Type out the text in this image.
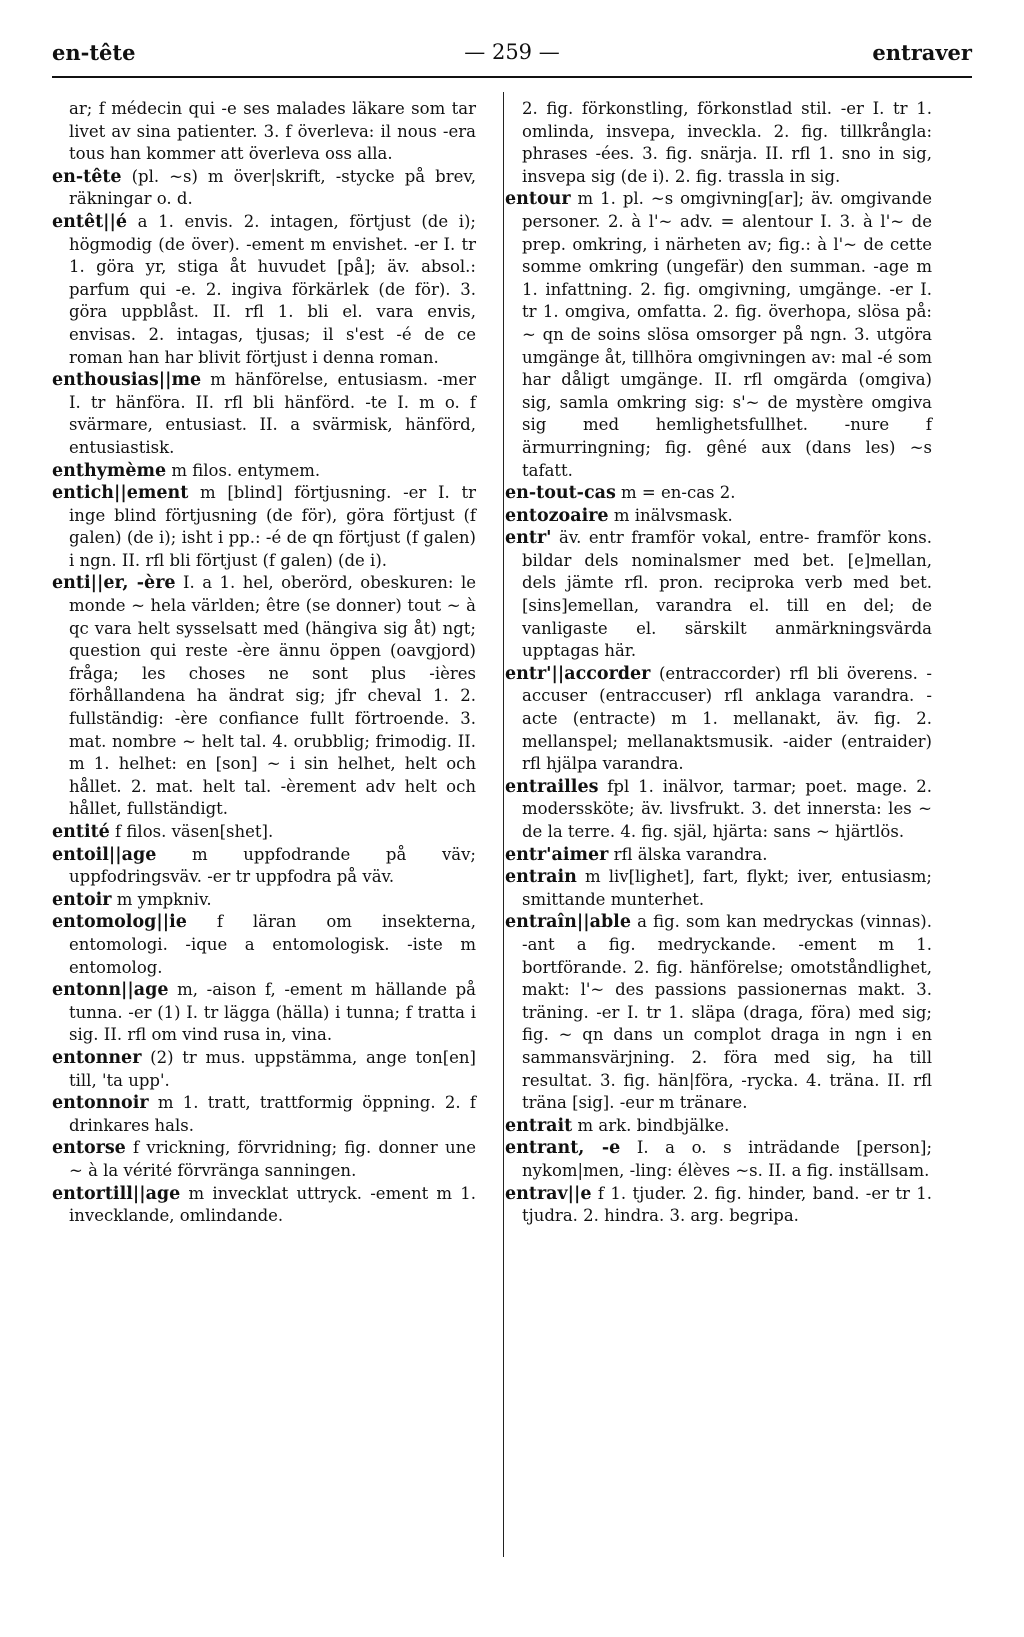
en-tête	— 259 —	entraver

ar; f médecin qui -e ses malades läkare som tar livet av sina patienter. 3. f överleva: il nous -era tous han kommer att överleva oss alla.

en-tête (pl. ~s) m över|skrift, -stycke på brev, räkningar o. d.

entêt||é a 1. envis. 2. intagen, förtjust (de i); högmodig (de över). -ement m envishet. -er I. tr 1. göra yr, stiga åt huvudet [på]; äv. absol.: parfum qui -e. 2. ingiva förkärlek (de för). 3. göra uppblåst. II. rfl 1. bli el. vara envis, envisas. 2. intagas, tjusas; il s'est -é de ce roman han har blivit förtjust i denna roman.

enthousias||me m hänförelse, entusiasm. -mer I. tr hänföra. II. rfl bli hänförd. -te I. m o. f svärmare, entusiast. II. a svärmisk, hänförd, entusiastisk.

enthymème m filos. entymem.

entich||ement m [blind] förtjusning. -er I. tr inge blind förtjusning (de för), göra förtjust (f galen) (de i); isht i pp.: -é de qn förtjust (f galen) i ngn. II. rfl bli förtjust (f galen) (de i).

enti||er, -ère I. a 1. hel, oberörd, obeskuren: le monde ~ hela världen; être (se donner) tout ~ à qc vara helt sysselsatt med (hängiva sig åt) ngt; question qui reste -ère ännu öppen (oavgjord) fråga; les choses ne sont plus -ières förhållandena ha ändrat sig; jfr cheval 1. 2. fullständig: -ère confiance fullt förtroende. 3. mat. nombre ~ helt tal. 4. orubblig; frimodig. II. m 1. helhet: en [son] ~ i sin helhet, helt och hållet. 2. mat. helt tal. -èrement adv helt och hållet, fullständigt.

entité f filos. väsen[shet].

entoil||age m uppfodrande på väv; uppfodringsväv. -er tr uppfodra på väv.

entoir m ympkniv.

entomolog||ie f läran om insekterna, entomologi. -ique a entomologisk. -iste m entomolog.

entonn||age m, -aison f, -ement m hällande på tunna. -er (1) I. tr lägga (hälla) i tunna; f tratta i sig. II. rfl om vind rusa in, vina.

entonner (2) tr mus. uppstämma, ange ton[en] till, 'ta upp'.

entonnoir m 1. tratt, trattformig öppning. 2. f drinkares hals.

entorse f vrickning, förvridning; fig. donner une ~ à la vérité förvränga sanningen.

entortill||age m invecklat uttryck. -ement m 1. invecklande, omlindande.

2. fig. förkonstling, förkonstlad stil. -er I. tr 1. omlinda, insvepa, inveckla. 2. fig. tillkrångla: phrases -ées. 3. fig. snärja. II. rfl 1. sno in sig, insvepa sig (de i). 2. fig. trassla in sig.

entour m 1. pl. ~s omgivning[ar]; äv. omgivande personer. 2. à l'~ adv. = alentour I. 3. à l'~ de prep. omkring, i närheten av; fig.: à l'~ de cette somme omkring (ungefär) den summan. -age m 1. infattning. 2. fig. omgivning, umgänge. -er I. tr 1. omgiva, omfatta. 2. fig. överhopa, slösa på: ~ qn de soins slösa omsorger på ngn. 3. utgöra umgänge åt, tillhöra omgivningen av: mal -é som har dåligt umgänge. II. rfl omgärda (omgiva) sig, samla omkring sig: s'~ de mystère omgiva sig med hemlighetsfullhet. -nure f ärmurringning; fig. gêné aux (dans les) ~s tafatt.

en-tout-cas m = en-cas 2.

entozoaire m inälvsmask.

entr' äv. entr framför vokal, entre- framför kons. bildar dels nominalsmer med bet. [e]mellan, dels jämte rfl. pron. reciproka verb med bet. [sins]emellan, varandra el. till en del; de vanligaste el. särskilt anmärkningsvärda upptagas här.

entr'||accorder (entraccorder) rfl bli överens. -accuser (entraccuser) rfl anklaga varandra. -acte (entracte) m 1. mellanakt, äv. fig. 2. mellanspel; mellanaktsmusik. -aider (entraider) rfl hjälpa varandra.

entrailles fpl 1. inälvor, tarmar; poet. mage. 2. moderssköte; äv. livsfrukt. 3. det innersta: les ~ de la terre. 4. fig. själ, hjärta: sans ~ hjärtlös.

entr'aimer rfl älska varandra.

entrain m liv[lighet], fart, flykt; iver, entusiasm; smittande munterhet.

entraîn||able a fig. som kan medryckas (vinnas). -ant a fig. medryckande. -ement m 1. bortförande. 2. fig. hänförelse; omotståndlighet, makt: l'~ des passions passionernas makt. 3. träning. -er I. tr 1. släpa (draga, föra) med sig; fig. ~ qn dans un complot draga in ngn i en sammansvärjning. 2. föra med sig, ha till resultat. 3. fig. hän|föra, -rycka. 4. träna. II. rfl träna [sig]. -eur m tränare.

entrait m ark. bindbjälke.

entrant, -e I. a o. s inträdande [person]; nykom|men, -ling: élèves ~s. II. a fig. inställsam.

entrav||e f 1. tjuder. 2. fig. hinder, band. -er tr 1. tjudra. 2. hindra. 3. arg. begripa.
